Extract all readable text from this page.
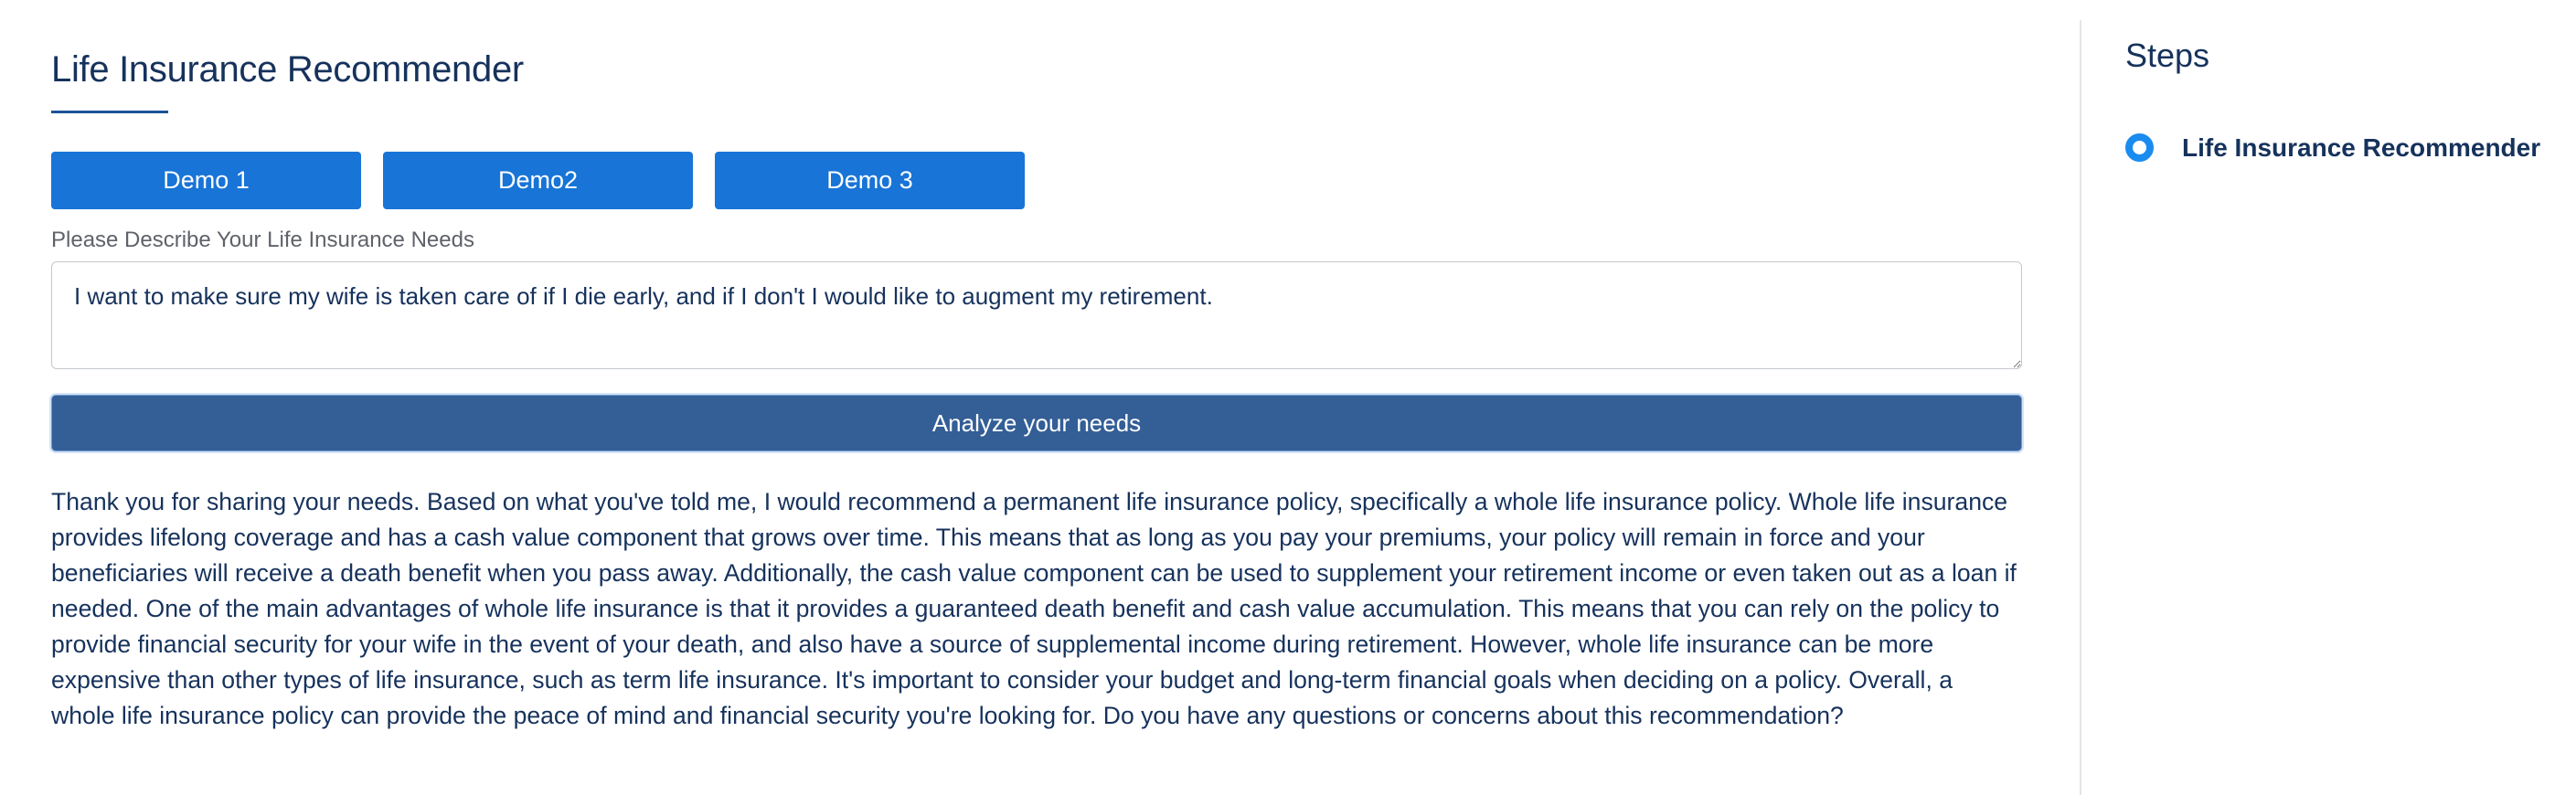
Life Insurance Recommender
Demo 1	Demo2	Demo 3
Please Describe Your Life Insurance Needs
I want to make sure my wife is taken care of if I die early, and if I don't I would like to augment my retirement.
Analyze your needs

Thank you for sharing your needs. Based on what you've told me, I would recommend a permanent life insurance policy, specifically a whole life insurance policy. Whole life insurance provides lifelong coverage and has a cash value component that grows over time. This means that as long as you pay your premiums, your policy will remain in force and your beneficiaries will receive a death benefit when you pass away. Additionally, the cash value component can be used to supplement your retirement income or even taken out as a loan if needed. One of the main advantages of whole life insurance is that it provides a guaranteed death benefit and cash value accumulation. This means that you can rely on the policy to provide financial security for your wife in the event of your death, and also have a source of supplemental income during retirement. However, whole life insurance can be more expensive than other types of life insurance, such as term life insurance. It's important to consider your budget and long-term financial goals when deciding on a policy. Overall, a whole life insurance policy can provide the peace of mind and financial security you're looking for. Do you have any questions or concerns about this recommendation?

Steps
Life Insurance Recommender
